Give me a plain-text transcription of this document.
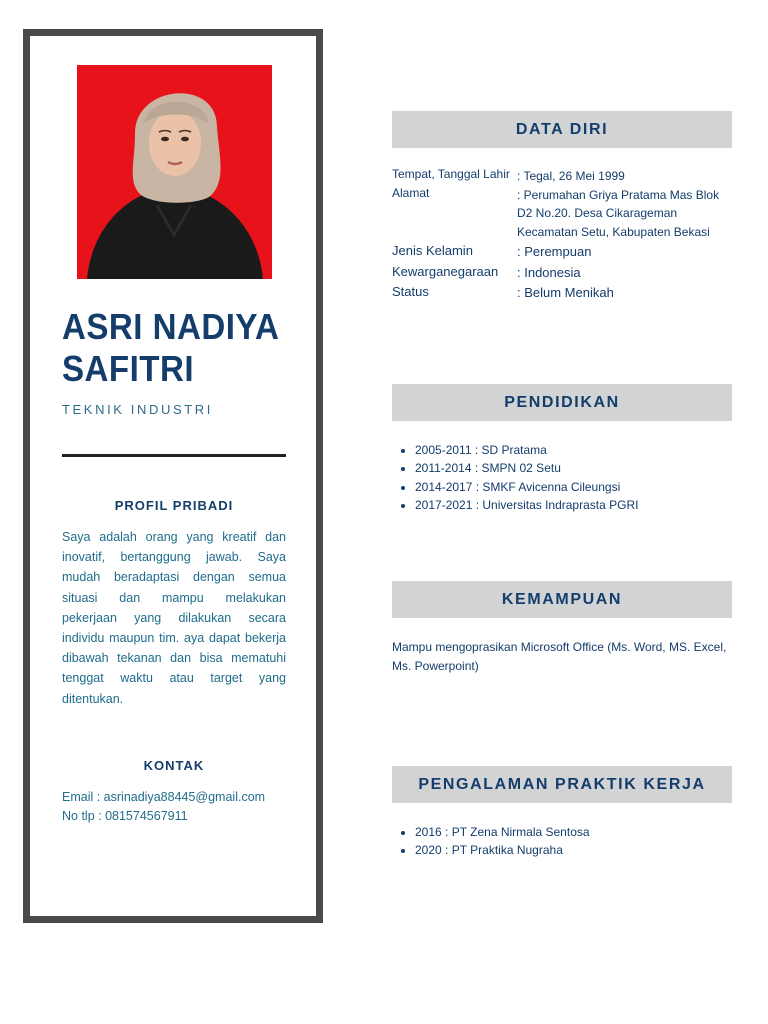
ASRI NADIYA
SAFITRI
TEKNIK INDUSTRI
PROFIL PRIBADI
Saya adalah orang yang kreatif dan inovatif, bertanggung jawab. Saya mudah beradaptasi dengan semua situasi dan mampu melakukan pekerjaan yang dilakukan secara individu maupun tim. aya dapat bekerja dibawah tekanan dan bisa mematuhi tenggat waktu atau target yang ditentukan.
KONTAK
Email : asrinadiya88445@gmail.com
No tlp : 081574567911
DATA DIRI
Tempat, Tanggal Lahir	: Tegal, 26 Mei 1999
Alamat	: Perumahan Griya Pratama Mas Blok D2 No.20. Desa Cikarageman Kecamatan Setu, Kabupaten Bekasi
Jenis Kelamin	: Perempuan
Kewarganegaraan	: Indonesia
Status	: Belum Menikah
PENDIDIKAN
2005-2011 : SD Pratama
2011-2014 : SMPN 02 Setu
2014-2017 : SMKF Avicenna Cileungsi
2017-2021 : Universitas Indraprasta PGRI
KEMAMPUAN
Mampu mengoprasikan Microsoft Office (Ms. Word, MS. Excel, Ms. Powerpoint)
PENGALAMAN PRAKTIK KERJA
2016 : PT Zena Nirmala Sentosa
2020 : PT Praktika Nugraha
